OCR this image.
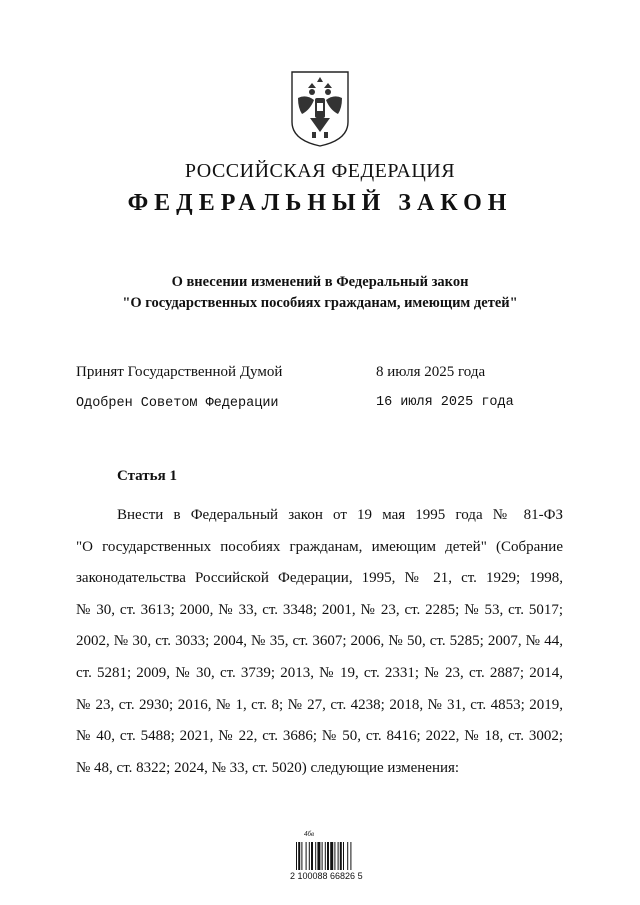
РОССИЙСКАЯ ФЕДЕРАЦИЯ
ФЕДЕРАЛЬНЫЙ ЗАКОН
О внесении изменений в Федеральный закон
"О государственных пособиях гражданам, имеющим детей"
Принят Государственной Думой	8 июля 2025 года
Одобрен Советом Федерации	16 июля 2025 года
Статья 1
Внести в Федеральный закон от 19 мая 1995 года № 81-ФЗ
"О государственных пособиях гражданам, имеющим детей" (Собрание
законодательства Российской Федерации, 1995, № 21, ст. 1929; 1998,
№ 30, ст. 3613; 2000, № 33, ст. 3348; 2001, № 23, ст. 2285; № 53, ст. 5017;
2002, № 30, ст. 3033; 2004, № 35, ст. 3607; 2006, № 50, ст. 5285; 2007, № 44,
ст. 5281; 2009, № 30, ст. 3739; 2013, № 19, ст. 2331; № 23, ст. 2887; 2014,
№ 23, ст. 2930; 2016, № 1, ст. 8; № 27, ст. 4238; 2018, № 31, ст. 4853; 2019,
№ 40, ст. 5488; 2021, № 22, ст. 3686; № 50, ст. 8416; 2022, № 18, ст. 3002;
№ 48, ст. 8322; 2024, № 33, ст. 5020) следующие изменения:
4бв
2 100088 66826 5
